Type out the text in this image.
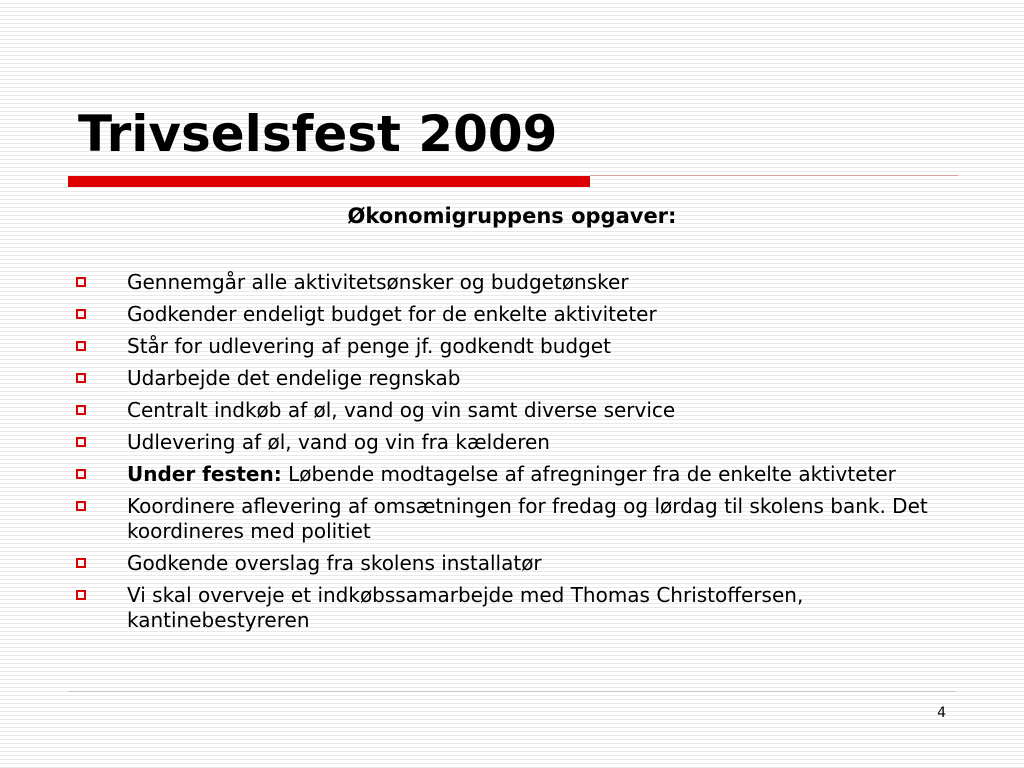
Trivselsfest 2009
Økonomigruppens opgaver:
Gennemgår alle aktivitetsønsker og budgetønsker
Godkender endeligt budget for de enkelte aktiviteter
Står for udlevering af penge jf. godkendt budget
Udarbejde det endelige regnskab
Centralt indkøb af øl, vand og vin samt diverse service
Udlevering af øl, vand og vin fra kælderen
Under festen: Løbende modtagelse af afregninger fra de enkelte aktivteter
Koordinere aflevering af omsætningen for fredag og lørdag til skolens bank. Det koordineres med politiet
Godkende overslag fra skolens installatør
Vi skal overveje et indkøbssamarbejde med Thomas Christoffersen, kantinebestyreren
4
